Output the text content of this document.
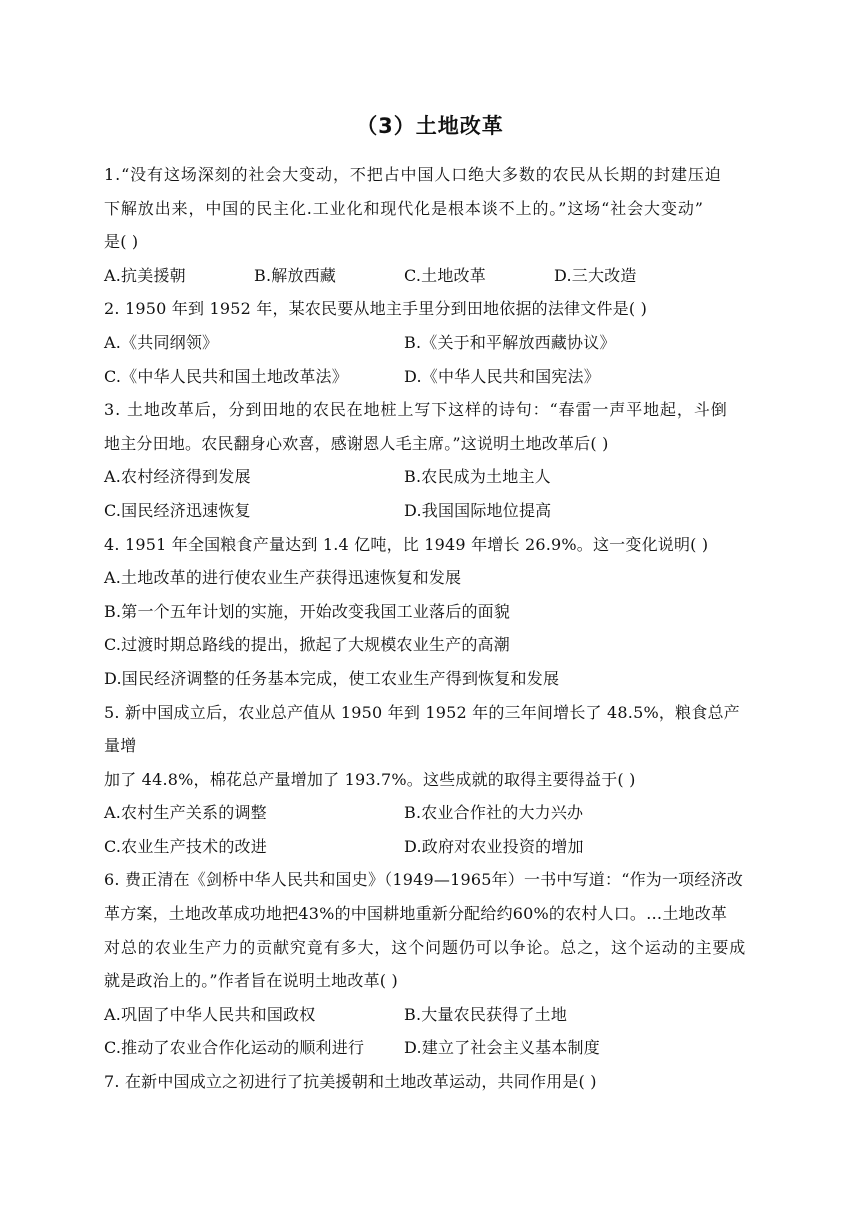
（3）土地改革
1.“没有这场深刻的社会大变动，不把占中国人口绝大多数的农民从长期的封建压迫
下解放出来，中国的民主化.工业化和现代化是根本谈不上的。”这场“社会大变动”
是( )
A.抗美援朝	B.解放西藏	C.土地改革	D.三大改造
2. 1950 年到 1952 年，某农民要从地主手里分到田地依据的法律文件是( )
A.《共同纲领》	B.《关于和平解放西藏协议》
C.《中华人民共和国土地改革法》	D.《中华人民共和国宪法》
3. 土地改革后，分到田地的农民在地桩上写下这样的诗句：“春雷一声平地起，斗倒
地主分田地。农民翻身心欢喜，感谢恩人毛主席。”这说明土地改革后( )
A.农村经济得到发展	B.农民成为土地主人
C.国民经济迅速恢复	D.我国国际地位提高
4. 1951 年全国粮食产量达到 1.4 亿吨，比 1949 年增长 26.9%。这一变化说明( )
A.土地改革的进行使农业生产获得迅速恢复和发展
B.第一个五年计划的实施，开始改变我国工业落后的面貌
C.过渡时期总路线的提出，掀起了大规模农业生产的高潮
D.国民经济调整的任务基本完成，使工农业生产得到恢复和发展
5. 新中国成立后，农业总产值从 1950 年到 1952 年的三年间增长了 48.5%，粮食总产
量增
加了 44.8%，棉花总产量增加了 193.7%。这些成就的取得主要得益于( )
A.农村生产关系的调整	B.农业合作社的大力兴办
C.农业生产技术的改进	D.政府对农业投资的增加
6. 费正清在《剑桥中华人民共和国史》（1949—1965年）一书中写道：“作为一项经济改
革方案，土地改革成功地把43%的中国耕地重新分配给约60%的农村人口。…土地改革
对总的农业生产力的贡献究竟有多大，这个问题仍可以争论。总之，这个运动的主要成
就是政治上的。”作者旨在说明土地改革( )
A.巩固了中华人民共和国政权	B.大量农民获得了土地
C.推动了农业合作化运动的顺利进行 D.建立了社会主义基本制度
7. 在新中国成立之初进行了抗美援朝和土地改革运动，共同作用是( )
